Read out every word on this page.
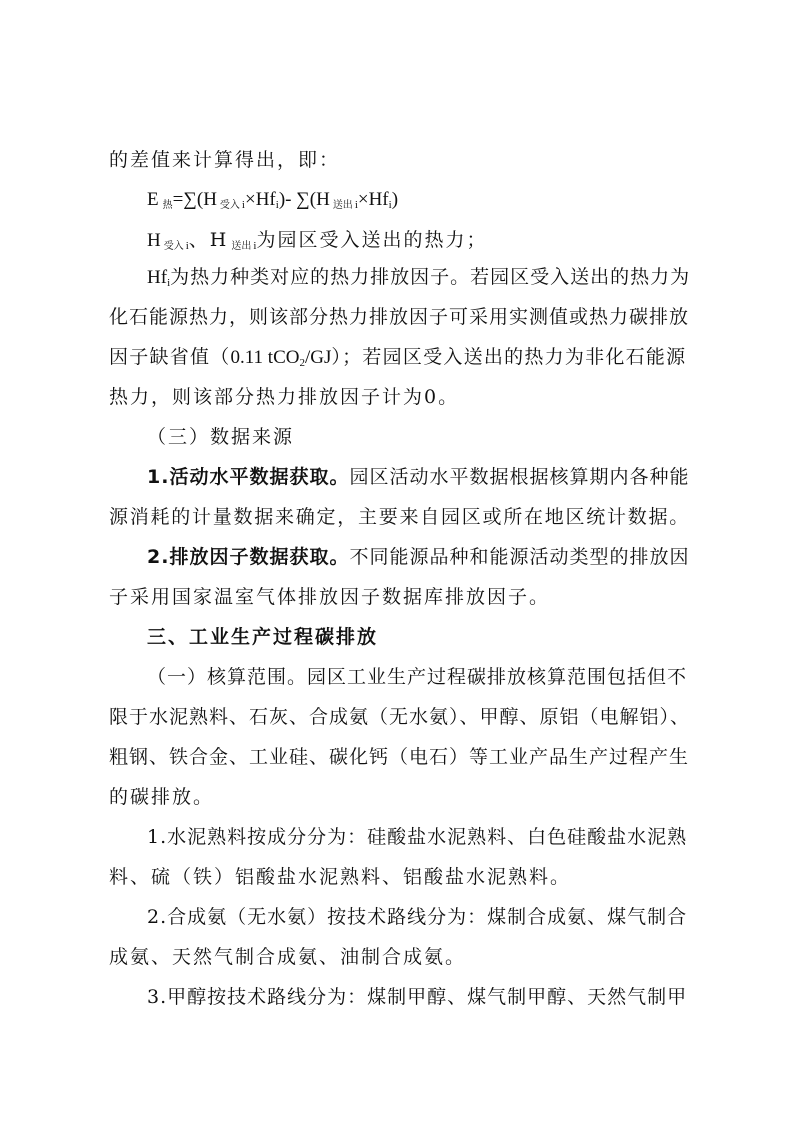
的差值来计算得出，即：
E $_热$=∑(H $_{受入}$ i×Hfi)- ∑(H $_{送出}$ i×Hfi)
H $_{受入}$ i、H $_{送出}$ i为园区受入送出的热力；
Hfi为热力种类对应的热力排放因子。若园区受入送出的热力为
化石能源热力，则该部分热力排放因子可采用实测值或热力碳排放
因子缺省值（0.11 tCO2/GJ）；若园区受入送出的热力为非化石能源
热力，则该部分热力排放因子计为0。
（三）数据来源
1.活动水平数据获取。园区活动水平数据根据核算期内各种能
源消耗的计量数据来确定，主要来自园区或所在地区统计数据。
2.排放因子数据获取。不同能源品种和能源活动类型的排放因
子采用国家温室气体排放因子数据库排放因子。
三、工业生产过程碳排放
（一）核算范围。园区工业生产过程碳排放核算范围包括但不
限于水泥熟料、石灰、合成氨（无水氨）、甲醇、原铝（电解铝）、
粗钢、铁合金、工业硅、碳化钙（电石）等工业产品生产过程产生
的碳排放。
1.水泥熟料按成分分为：硅酸盐水泥熟料、白色硅酸盐水泥熟
料、硫（铁）铝酸盐水泥熟料、铝酸盐水泥熟料。
2.合成氨（无水氨）按技术路线分为：煤制合成氨、煤气制合
成氨、天然气制合成氨、油制合成氨。
3.甲醇按技术路线分为：煤制甲醇、煤气制甲醇、天然气制甲
